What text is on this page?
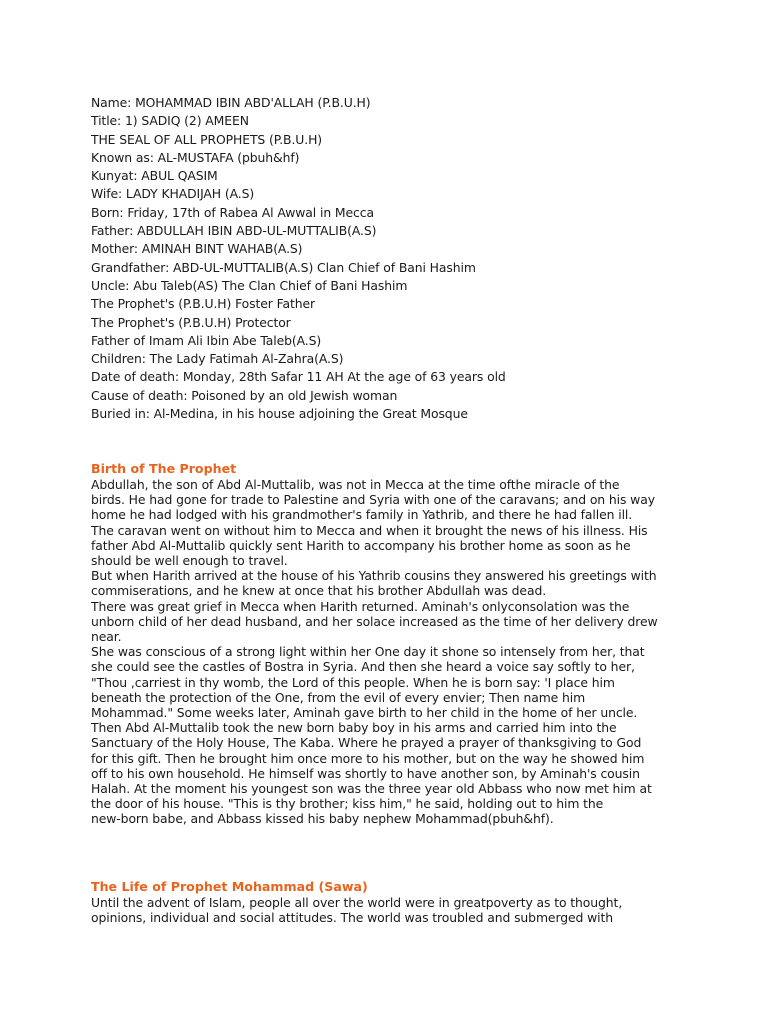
Name: MOHAMMAD IBIN ABD'ALLAH (P.B.U.H)
Title: 1) SADIQ (2) AMEEN
THE SEAL OF ALL PROPHETS (P.B.U.H)
Known as: AL-MUSTAFA (pbuh&hf)
Kunyat: ABUL QASIM
Wife: LADY KHADIJAH (A.S)
Born: Friday, 17th of Rabea Al Awwal in Mecca
Father: ABDULLAH IBIN ABD-UL-MUTTALIB(A.S)
Mother: AMINAH BINT WAHAB(A.S)
Grandfather: ABD-UL-MUTTALIB(A.S) Clan Chief of Bani Hashim
Uncle: Abu Taleb(AS) The Clan Chief of Bani Hashim
The Prophet's (P.B.U.H) Foster Father
The Prophet's (P.B.U.H) Protector
Father of Imam Ali Ibin Abe Taleb(A.S)
Children: The Lady Fatimah Al-Zahra(A.S)
Date of death: Monday, 28th Safar 11 AH At the age of 63 years old
Cause of death: Poisoned by an old Jewish woman
Buried in: Al-Medina, in his house adjoining the Great Mosque
Birth of The Prophet
Abdullah, the son of Abd Al-Muttalib, was not in Mecca at the time ofthe miracle of the
birds. He had gone for trade to Palestine and Syria with one of the caravans; and on his way
home he had lodged with his grandmother's family in Yathrib, and there he had fallen ill.
The caravan went on without him to Mecca and when it brought the news of his illness. His
father Abd Al-Muttalib quickly sent Harith to accompany his brother home as soon as he
should be well enough to travel.
But when Harith arrived at the house of his Yathrib cousins they answered his greetings with
commiserations, and he knew at once that his brother Abdullah was dead.
There was great grief in Mecca when Harith returned. Aminah's onlyconsolation was the
unborn child of her dead husband, and her solace increased as the time of her delivery drew
near.
She was conscious of a strong light within her One day it shone so intensely from her, that
she could see the castles of Bostra in Syria. And then she heard a voice say softly to her,
"Thou ,carriest in thy womb, the Lord of this people. When he is born say: 'I place him
beneath the protection of the One, from the evil of every envier; Then name him
Mohammad." Some weeks later, Aminah gave birth to her child in the home of her uncle.
Then Abd Al-Muttalib took the new born baby boy in his arms and carried him into the
Sanctuary of the Holy House, The Kaba. Where he prayed a prayer of thanksgiving to God
for this gift. Then he brought him once more to his mother, but on the way he showed him
off to his own household. He himself was shortly to have another son, by Aminah's cousin
Halah. At the moment his youngest son was the three year old Abbass who now met him at
the door of his house. "This is thy brother; kiss him," he said, holding out to him the
new-born babe, and Abbass kissed his baby nephew Mohammad(pbuh&hf).
The Life of Prophet Mohammad (Sawa)
Until the advent of Islam, people all over the world were in greatpoverty as to thought,
opinions, individual and social attitudes. The world was troubled and submerged with
